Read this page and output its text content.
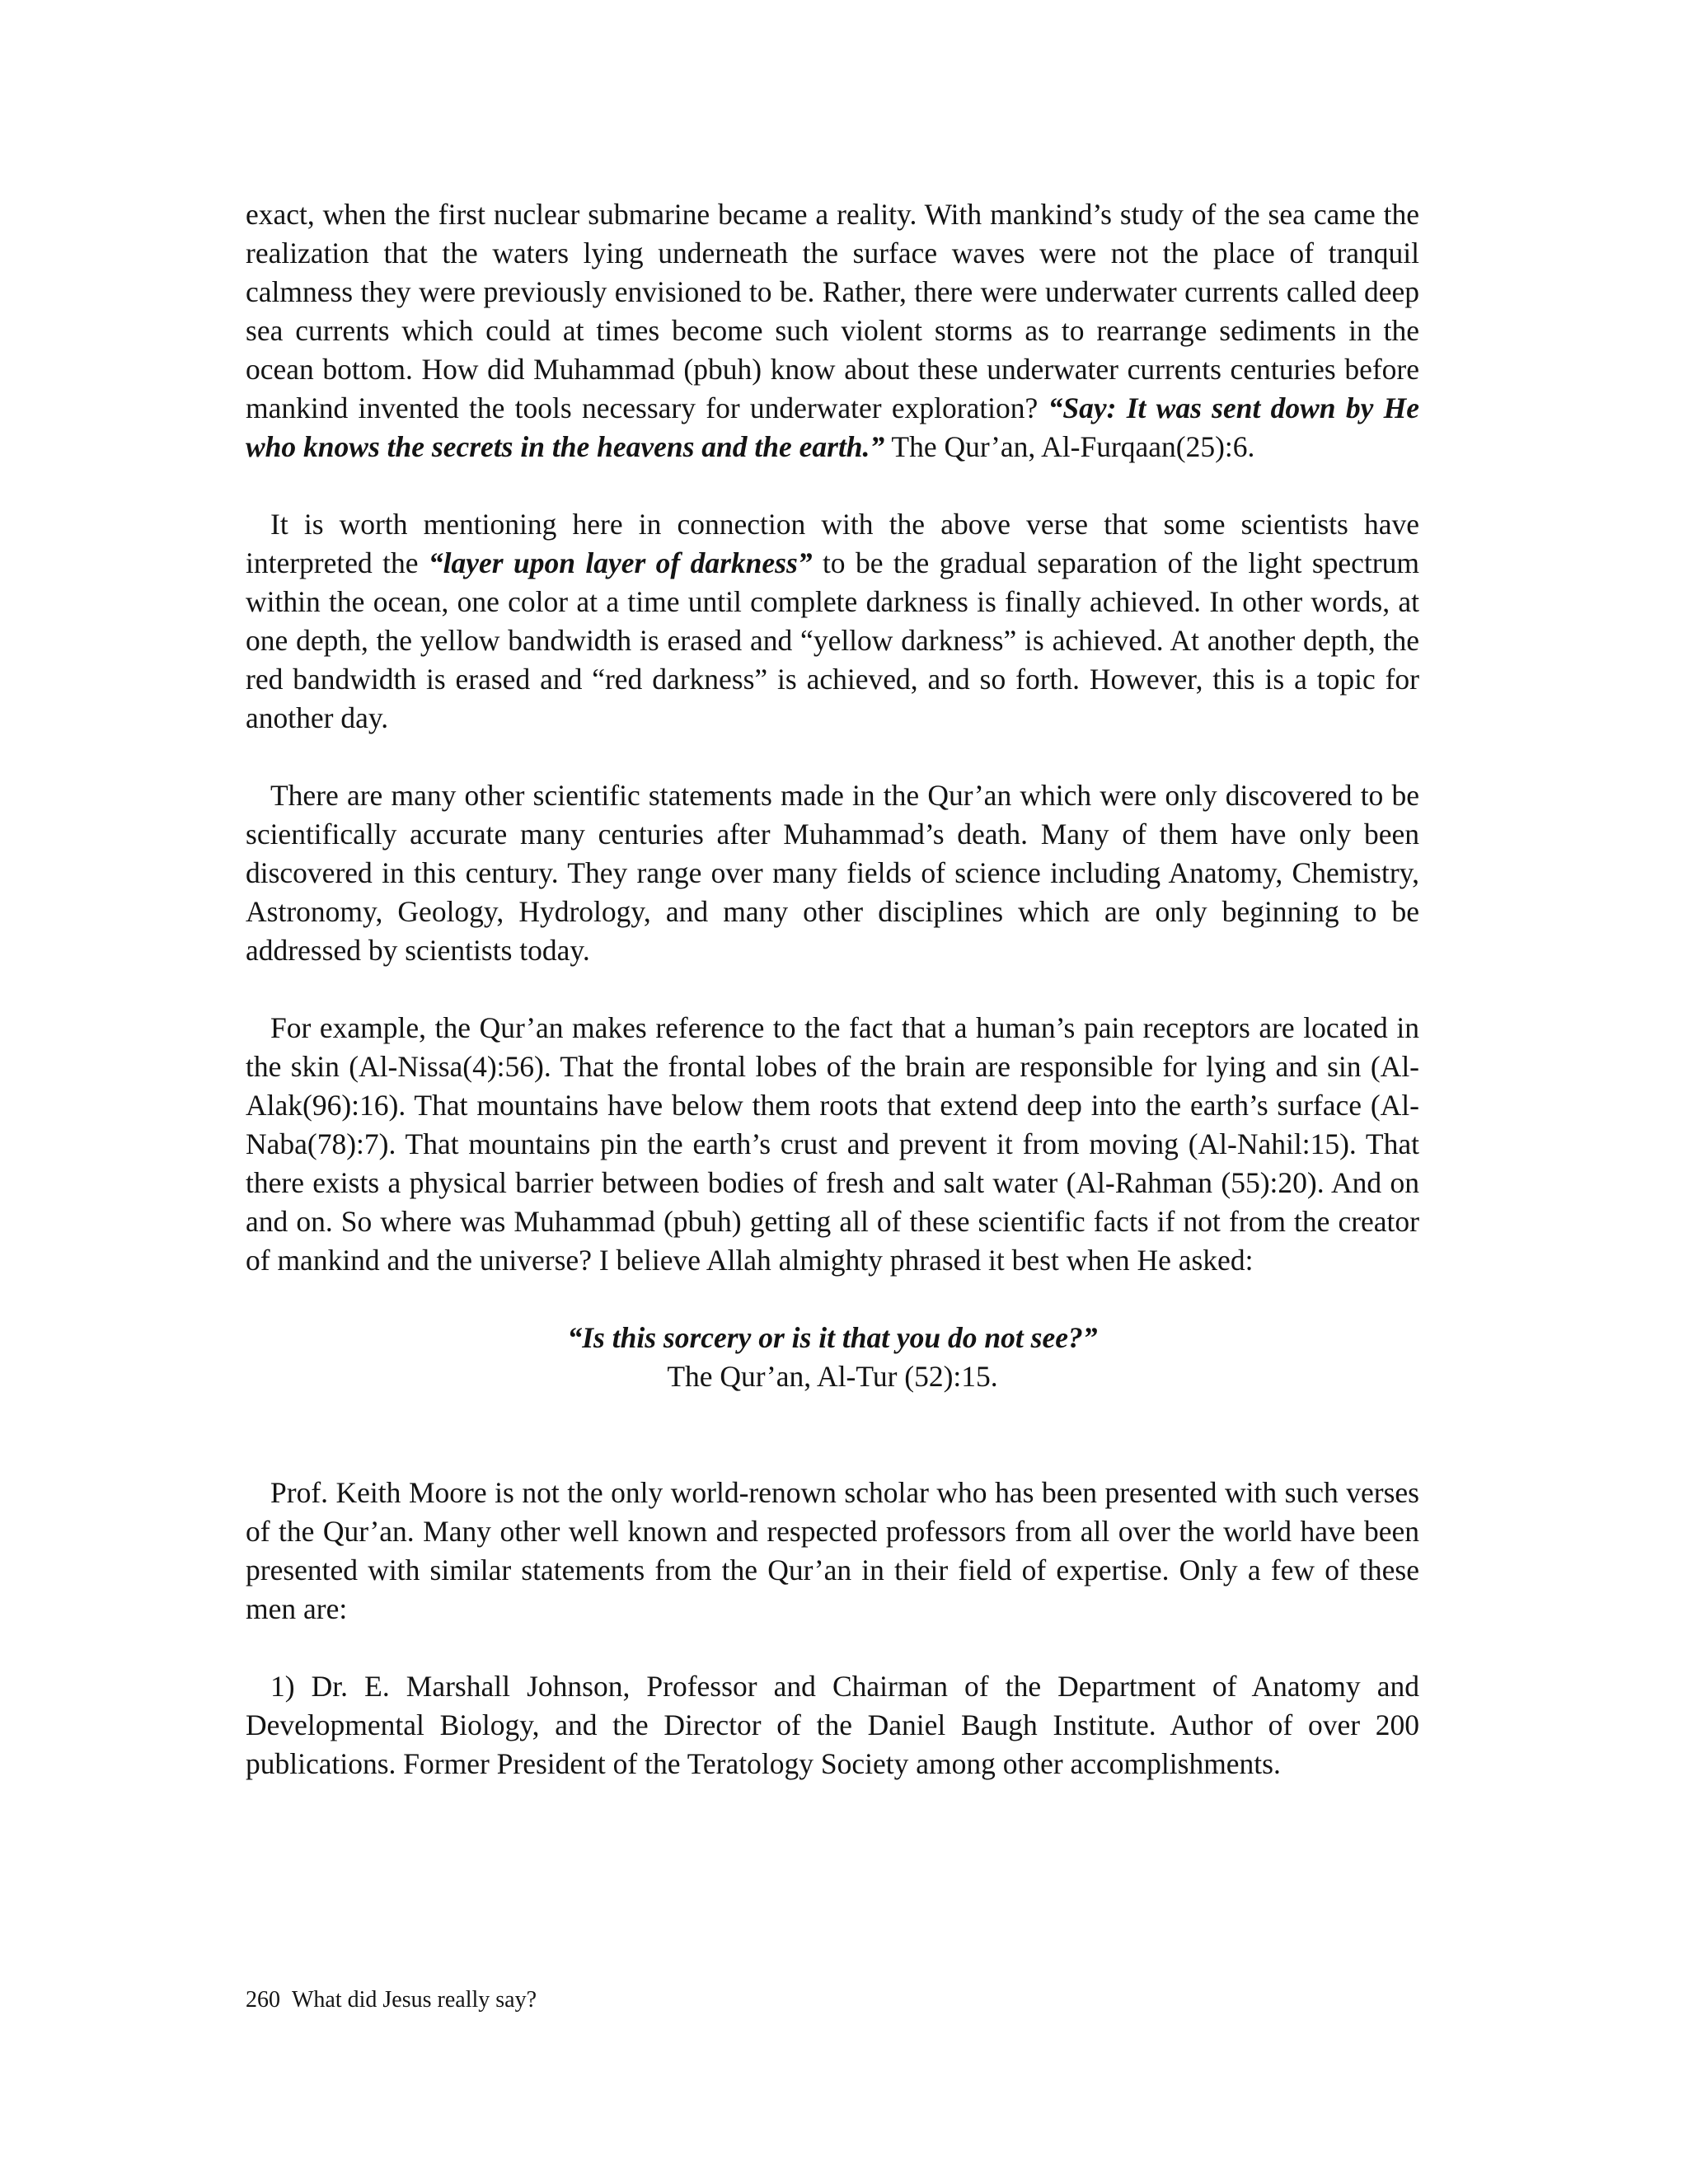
exact, when the first nuclear submarine became a reality. With mankind’s study of the sea came the realization that the waters lying underneath the surface waves were not the place of tranquil calmness they were previously envisioned to be. Rather, there were underwater currents called deep sea currents which could at times become such violent storms as to rearrange sediments in the ocean bottom. How did Muhammad (pbuh) know about these underwater currents centuries before mankind invented the tools necessary for underwater exploration? “Say: It was sent down by He who knows the secrets in the heavens and the earth.” The Qur’an, Al-Furqaan(25):6.

It is worth mentioning here in connection with the above verse that some scientists have interpreted the “layer upon layer of darkness” to be the gradual separation of the light spectrum within the ocean, one color at a time until complete darkness is finally achieved. In other words, at one depth, the yellow bandwidth is erased and “yellow darkness” is achieved. At another depth, the red bandwidth is erased and “red darkness” is achieved, and so forth. However, this is a topic for another day.

There are many other scientific statements made in the Qur’an which were only discovered to be scientifically accurate many centuries after Muhammad’s death. Many of them have only been discovered in this century. They range over many fields of science including Anatomy, Chemistry, Astronomy, Geology, Hydrology, and many other disciplines which are only beginning to be addressed by scientists today.

For example, the Qur’an makes reference to the fact that a human’s pain receptors are located in the skin (Al-Nissa(4):56). That the frontal lobes of the brain are responsible for lying and sin (Al-Alak(96):16). That mountains have below them roots that extend deep into the earth’s surface (Al-Naba(78):7). That mountains pin the earth’s crust and prevent it from moving (Al-Nahil:15). That there exists a physical barrier between bodies of fresh and salt water (Al-Rahman (55):20). And on and on. So where was Muhammad (pbuh) getting all of these scientific facts if not from the creator of mankind and the universe? I believe Allah almighty phrased it best when He asked:

“Is this sorcery or is it that you do not see?”

The Qur’an, Al-Tur (52):15.

Prof. Keith Moore is not the only world-renown scholar who has been presented with such verses of the Qur’an. Many other well known and respected professors from all over the world have been presented with similar statements from the Qur’an in their field of expertise. Only a few of these men are:

1) Dr. E. Marshall Johnson, Professor and Chairman of the Department of Anatomy and Developmental Biology, and the Director of the Daniel Baugh Institute. Author of over 200 publications. Former President of the Teratology Society among other accomplishments.

260 What did Jesus really say?
